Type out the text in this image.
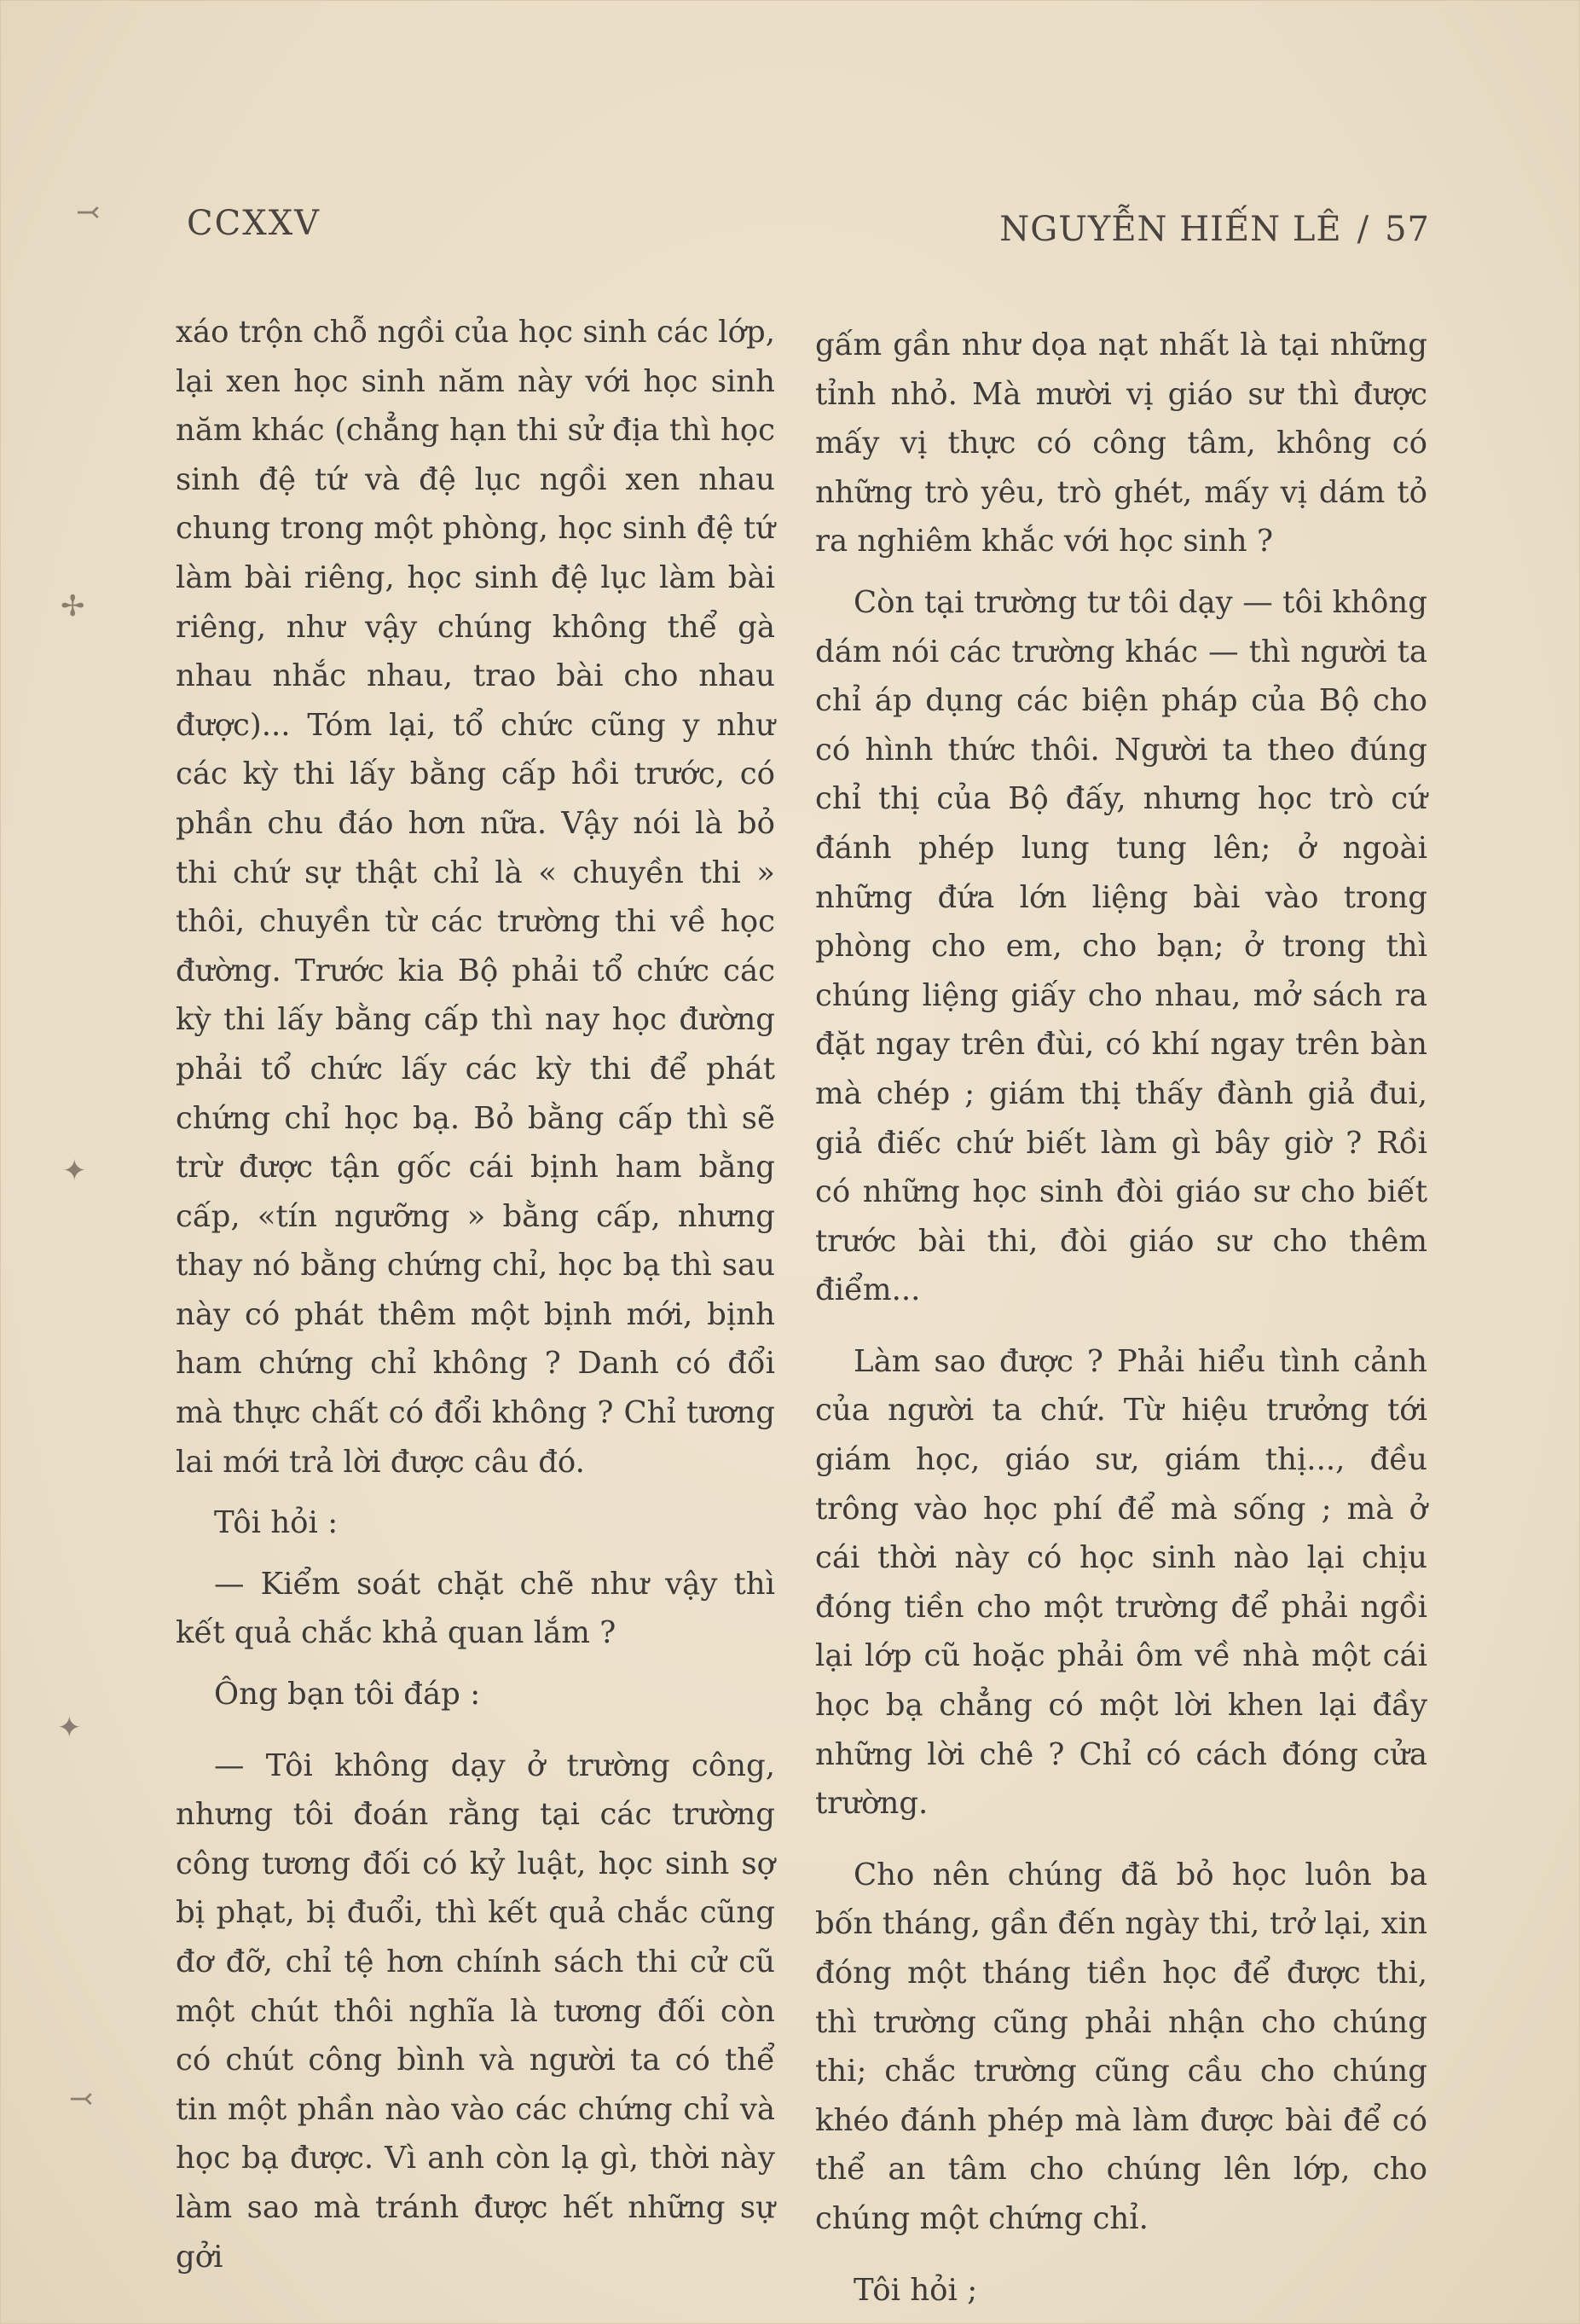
CCXXV	NGUYỄN HIẾN LÊ / 57

xáo trộn chỗ ngồi của học sinh các lớp, lại xen học sinh năm này với học sinh năm khác (chẳng hạn thi sử địa thì học sinh đệ tứ và đệ lục ngồi xen nhau chung trong một phòng, học sinh đệ tứ làm bài riêng, học sinh đệ lục làm bài riêng, như vậy chúng không thể gà nhau nhắc nhau, trao bài cho nhau được)... Tóm lại, tổ chức cũng y như các kỳ thi lấy bằng cấp hồi trước, có phần chu đáo hơn nữa. Vậy nói là bỏ thi chứ sự thật chỉ là « chuyền thi » thôi, chuyền từ các trường thi về học đường. Trước kia Bộ phải tổ chức các kỳ thi lấy bằng cấp thì nay học đường phải tổ chức lấy các kỳ thi để phát chứng chỉ học bạ. Bỏ bằng cấp thì sẽ trừ được tận gốc cái bịnh ham bằng cấp, «tín ngưỡng » bằng cấp, nhưng thay nó bằng chứng chỉ, học bạ thì sau này có phát thêm một bịnh mới, bịnh ham chứng chỉ không ? Danh có đổi mà thực chất có đổi không ? Chỉ tương lai mới trả lời được câu đó.

Tôi hỏi :

— Kiểm soát chặt chẽ như vậy thì kết quả chắc khả quan lắm ?

Ông bạn tôi đáp :

— Tôi không dạy ở trường công, nhưng tôi đoán rằng tại các trường công tương đối có kỷ luật, học sinh sợ bị phạt, bị đuổi, thì kết quả chắc cũng đơ đỡ, chỉ tệ hơn chính sách thi cử cũ một chút thôi nghĩa là tương đối còn có chút công bình và người ta có thể tin một phần nào vào các chứng chỉ và học bạ được. Vì anh còn lạ gì, thời này làm sao mà tránh được hết những sự gởi

gấm gần như dọa nạt nhất là tại những tỉnh nhỏ. Mà mười vị giáo sư thì được mấy vị thực có công tâm, không có những trò yêu, trò ghét, mấy vị dám tỏ ra nghiêm khắc với học sinh ?

Còn tại trường tư tôi dạy — tôi không dám nói các trường khác — thì người ta chỉ áp dụng các biện pháp của Bộ cho có hình thức thôi. Người ta theo đúng chỉ thị của Bộ đấy, nhưng học trò cứ đánh phép lung tung lên; ở ngoài những đứa lớn liệng bài vào trong phòng cho em, cho bạn; ở trong thì chúng liệng giấy cho nhau, mở sách ra đặt ngay trên đùi, có khí ngay trên bàn mà chép ; giám thị thấy đành giả đui, giả điếc chứ biết làm gì bây giờ ? Rồi có những học sinh đòi giáo sư cho biết trước bài thi, đòi giáo sư cho thêm điểm...

Làm sao được ? Phải hiểu tình cảnh của người ta chứ. Từ hiệu trưởng tới giám học, giáo sư, giám thị..., đều trông vào học phí để mà sống ; mà ở cái thời này có học sinh nào lại chịu đóng tiền cho một trường để phải ngồi lại lớp cũ hoặc phải ôm về nhà một cái học bạ chẳng có một lời khen lại đầy những lời chê ? Chỉ có cách đóng cửa trường.

Cho nên chúng đã bỏ học luôn ba bốn tháng, gần đến ngày thi, trở lại, xin đóng một tháng tiền học để được thi, thì trường cũng phải nhận cho chúng thi; chắc trường cũng cầu cho chúng khéo đánh phép mà làm được bài để có thể an tâm cho chúng lên lớp, cho chúng một chứng chỉ.

Tôi hỏi ;

⤙
✢
✦
✦
⤙
